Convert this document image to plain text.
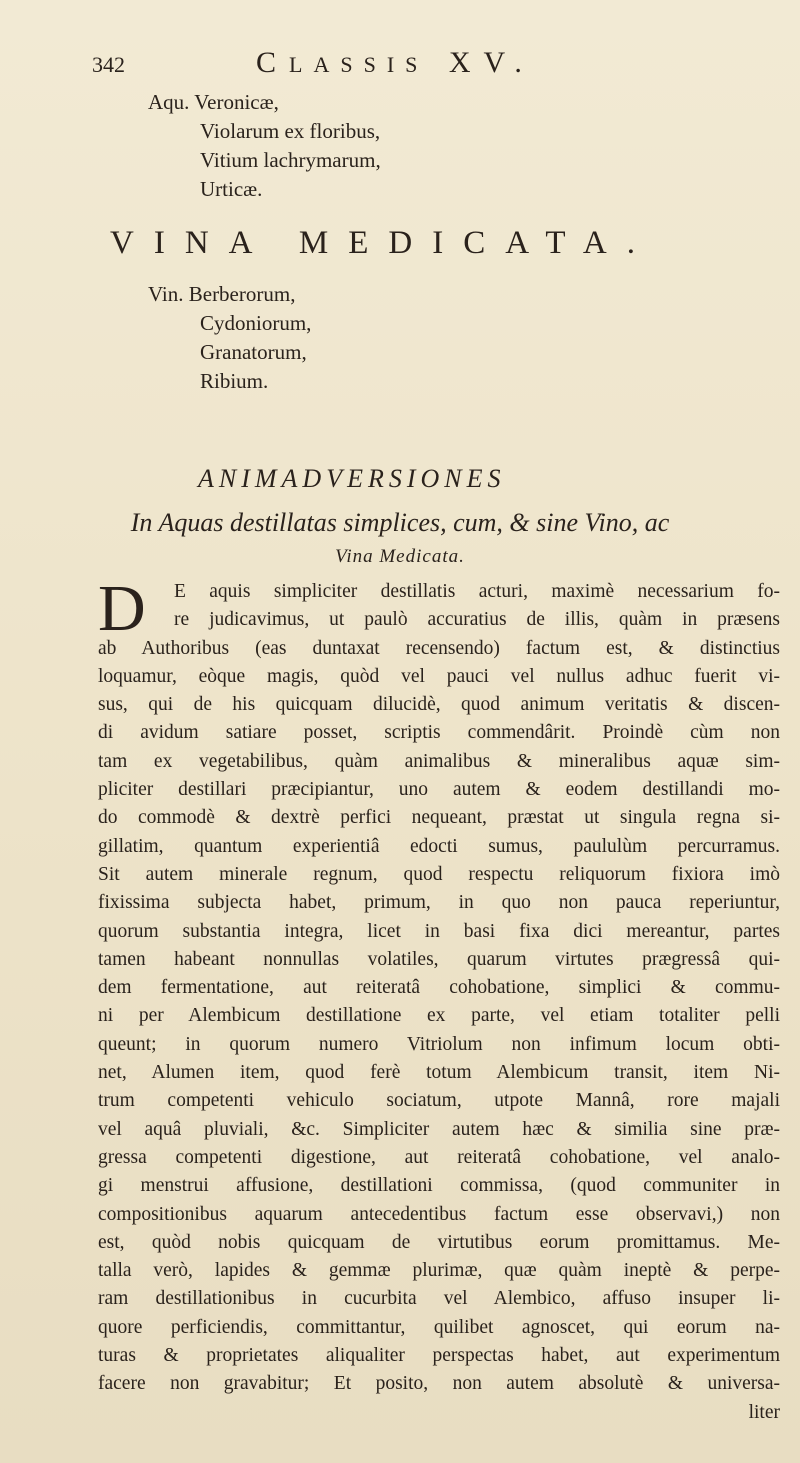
342	CLASSIS XV.
Aqu. Veronicæ,
Violarum ex floribus,
Vitium lachrymarum,
Urticæ.
VINA MEDICATA.
Vin. Berberorum,
Cydoniorum,
Granatorum,
Ribium.
ANIMADVERSIONES
In Aquas destillatas simplices, cum, & sine Vino, ac
Vina Medicata.
D	E aquis simpliciter destillatis acturi, maximè necessarium fo-
re judicavimus, ut paulò accuratius de illis, quàm in præsens
ab Authoribus (eas duntaxat recensendo) factum est, & distinctius
loquamur, eòque magis, quòd vel pauci vel nullus adhuc fuerit vi-
sus, qui de his quicquam dilucidè, quod animum veritatis & discen-
di avidum satiare posset, scriptis commendârit. Proindè cùm non
tam ex vegetabilibus, quàm animalibus & mineralibus aquæ sim-
pliciter destillari præcipiantur, uno autem & eodem destillandi mo-
do commodè & dextrè perfici nequeant, præstat ut singula regna si-
gillatim, quantum experientiâ edocti sumus, paululùm percurramus.
Sit autem minerale regnum, quod respectu reliquorum fixiora imò
fixissima subjecta habet, primum, in quo non pauca reperiuntur,
quorum substantia integra, licet in basi fixa dici mereantur, partes
tamen habeant nonnullas volatiles, quarum virtutes prægressâ qui-
dem fermentatione, aut reiteratâ cohobatione, simplici & commu-
ni per Alembicum destillatione ex parte, vel etiam totaliter pelli
queunt; in quorum numero Vitriolum non infimum locum obti-
net, Alumen item, quod ferè totum Alembicum transit, item Ni-
trum competenti vehiculo sociatum, utpote Mannâ, rore majali
vel aquâ pluviali, &c. Simpliciter autem hæc & similia sine præ-
gressa competenti digestione, aut reiteratâ cohobatione, vel analo-
gi menstrui affusione, destillationi commissa, (quod communiter in
compositionibus aquarum antecedentibus factum esse observavi,) non
est, quòd nobis quicquam de virtutibus eorum promittamus. Me-
talla verò, lapides & gemmæ plurimæ, quæ quàm ineptè & perpe-
ram destillationibus in cucurbita vel Alembico, affuso insuper li-
quore perficiendis, committantur, quilibet agnoscet, qui eorum na-
turas & proprietates aliqualiter perspectas habet, aut experimentum
facere non gravabitur; Et posito, non autem absolutè & universa-
liter
